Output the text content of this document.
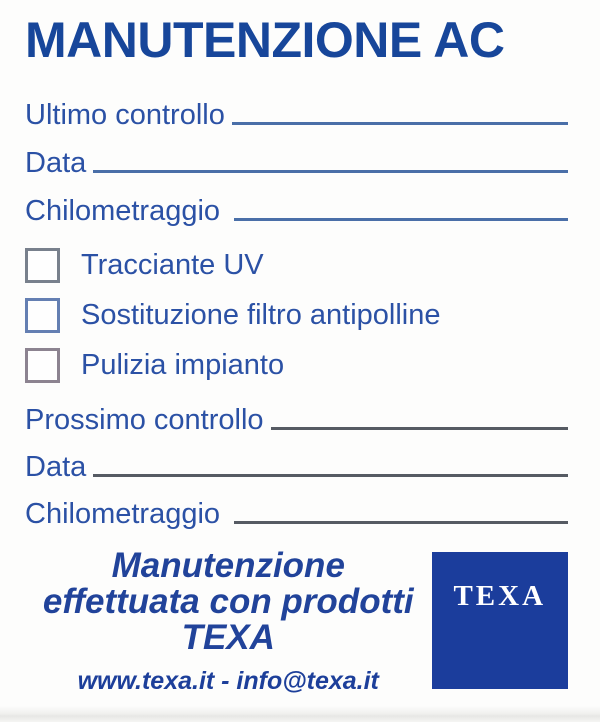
MANUTENZIONE AC
Ultimo controllo
Data
Chilometraggio
Tracciante UV
Sostituzione filtro antipolline
Pulizia impianto
Prossimo controllo
Data
Chilometraggio
Manutenzione
effettuata con prodotti
TEXA
www.texa.it - info@texa.it
TEXA
